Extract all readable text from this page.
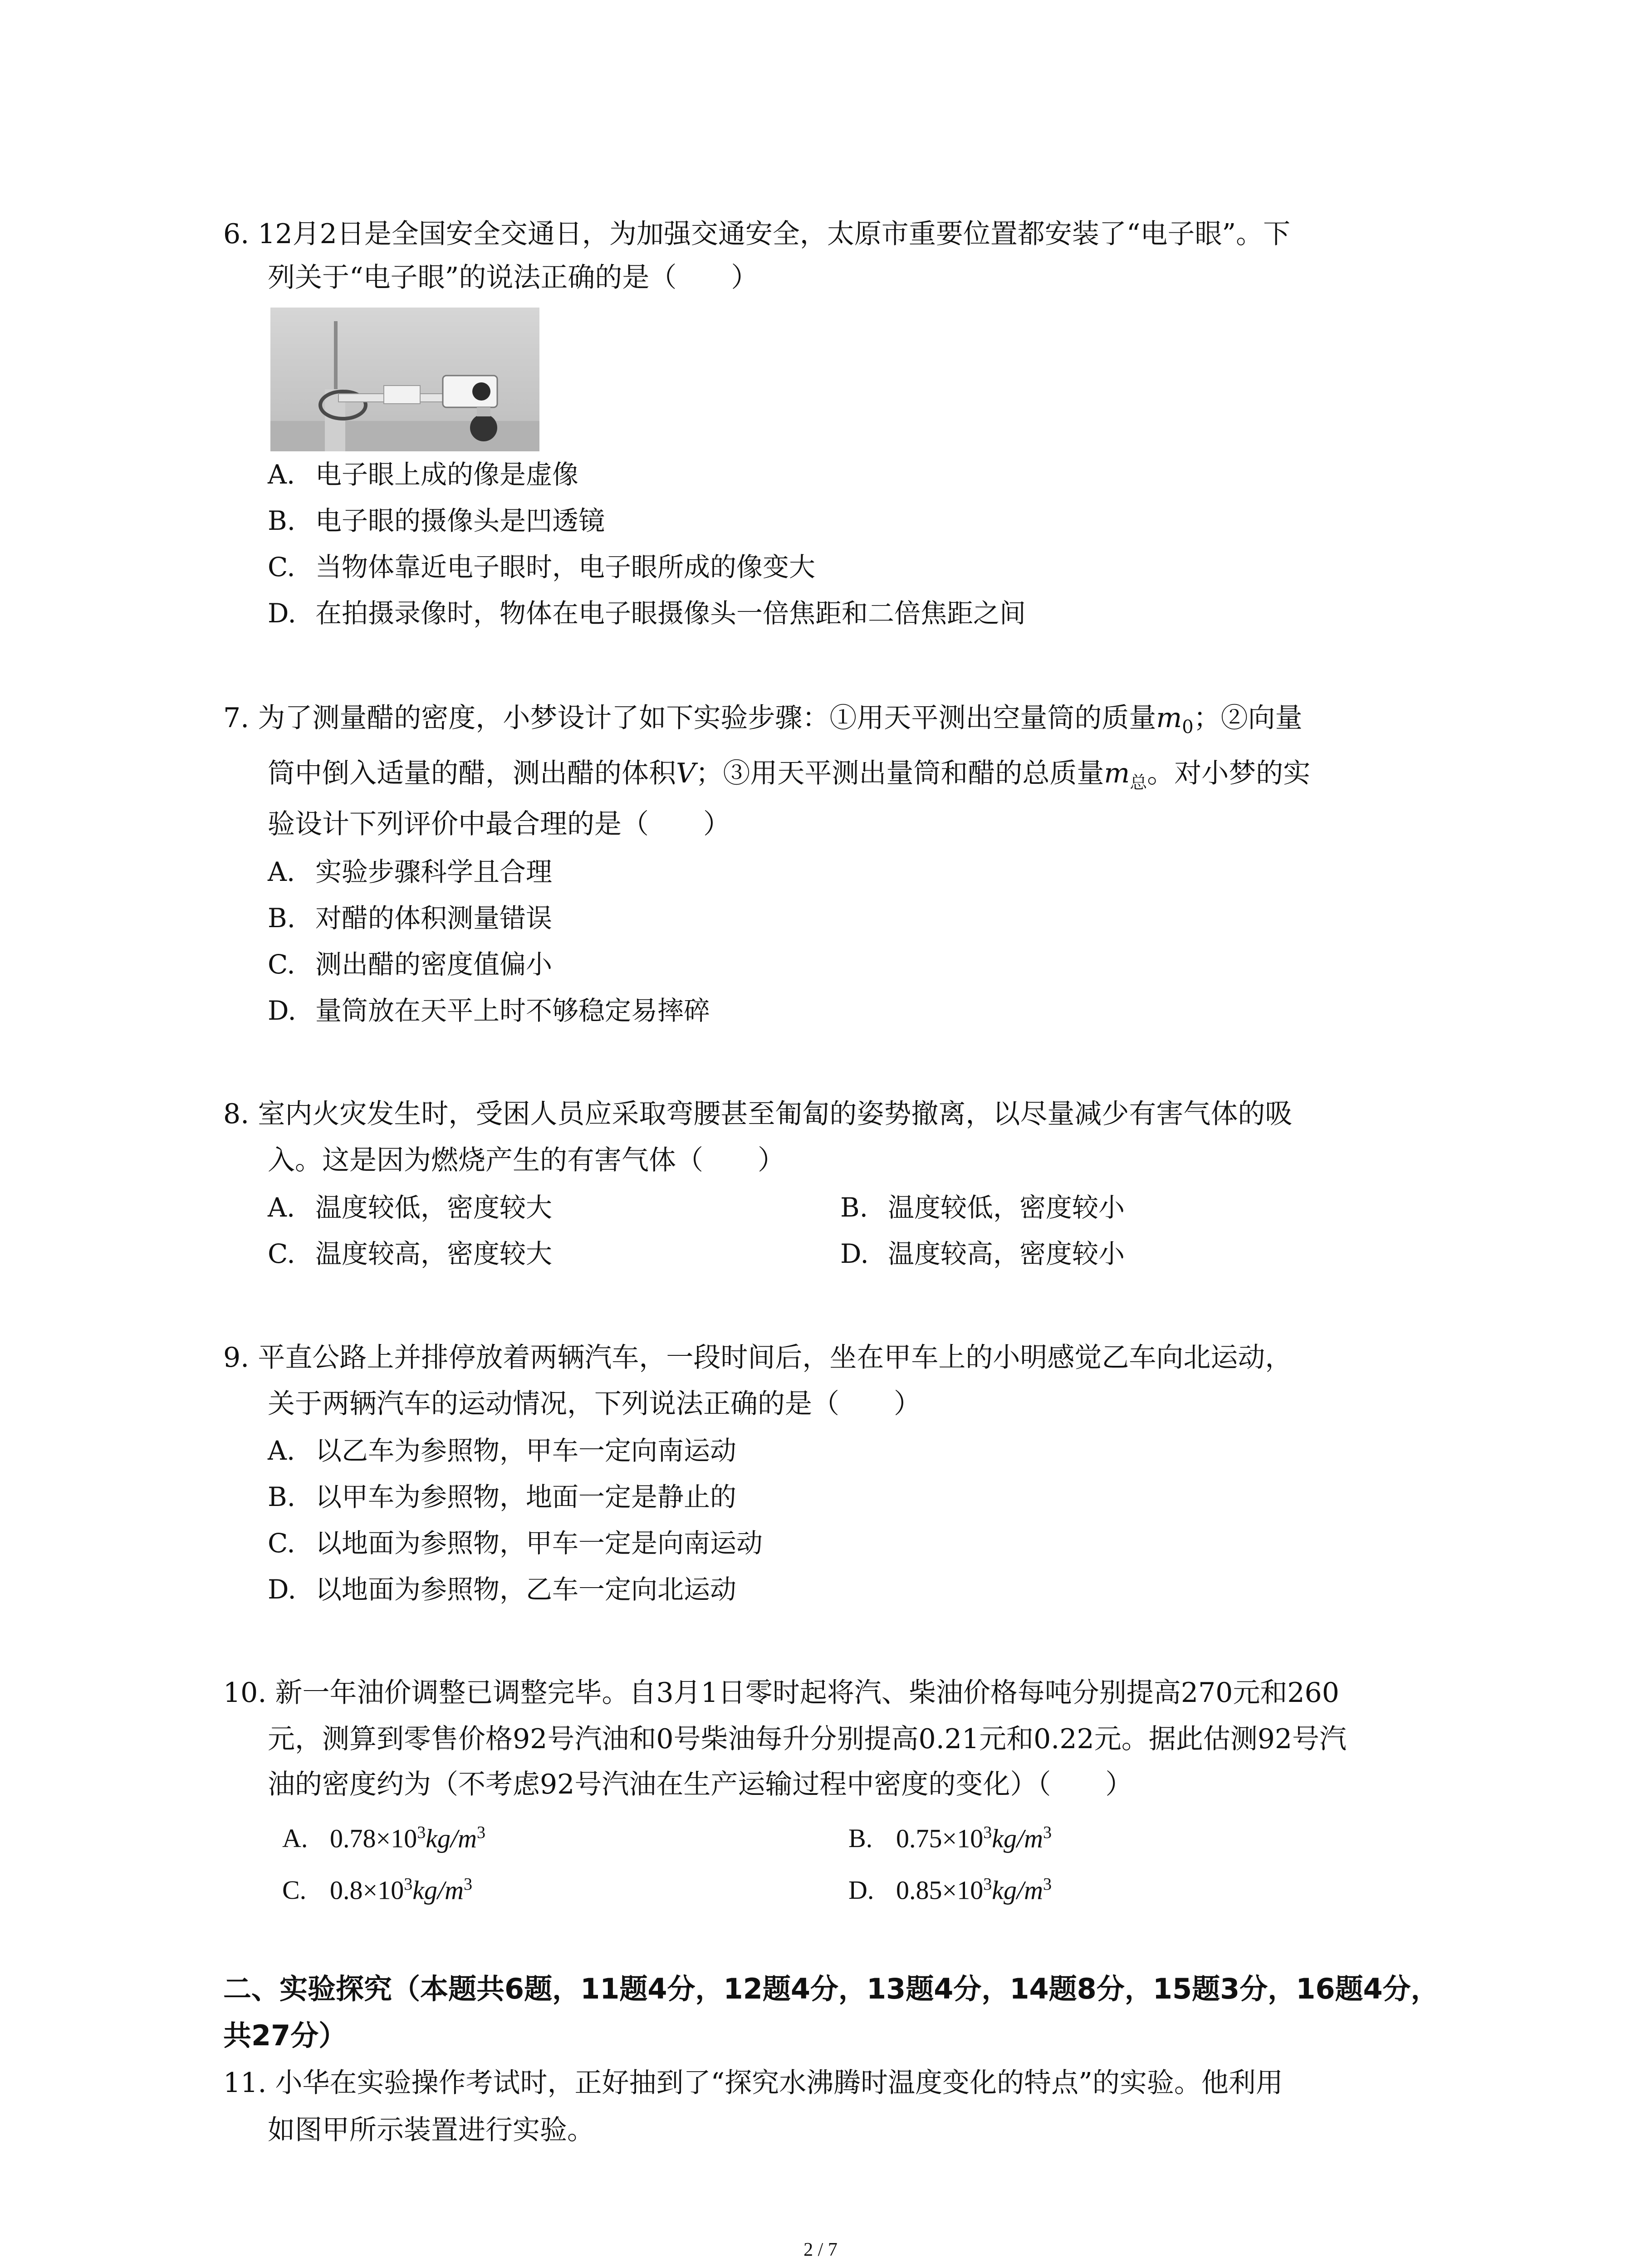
6. 12月2日是全国安全交通日，为加强交通安全，太原市重要位置都安装了“电子眼”。下
列关于“电子眼”的说法正确的是（　　）
A. 电子眼上成的像是虚像
B. 电子眼的摄像头是凹透镜
C. 当物体靠近电子眼时，电子眼所成的像变大
D. 在拍摄录像时，物体在电子眼摄像头一倍焦距和二倍焦距之间
7. 为了测量醋的密度，小梦设计了如下实验步骤：①用天平测出空量筒的质量$m_0$；②向量
筒中倒入适量的醋，测出醋的体积V；③用天平测出量筒和醋的总质量$m_总$。对小梦的实
验设计下列评价中最合理的是（　　）
A. 实验步骤科学且合理
B. 对醋的体积测量错误
C. 测出醋的密度值偏小
D. 量筒放在天平上时不够稳定易摔碎
8. 室内火灾发生时，受困人员应采取弯腰甚至匍匐的姿势撤离，以尽量减少有害气体的吸
入。这是因为燃烧产生的有害气体（　　）
A. 温度较低，密度较大	B. 温度较低，密度较小
C. 温度较高，密度较大	D. 温度较高，密度较小
9. 平直公路上并排停放着两辆汽车，一段时间后，坐在甲车上的小明感觉乙车向北运动，
关于两辆汽车的运动情况，下列说法正确的是（　　）
A. 以乙车为参照物，甲车一定向南运动
B. 以甲车为参照物，地面一定是静止的
C. 以地面为参照物，甲车一定是向南运动
D. 以地面为参照物，乙车一定向北运动
10. 新一年油价调整已调整完毕。自3月1日零时起将汽、柴油价格每吨分别提高270元和260
元，测算到零售价格92号汽油和0号柴油每升分别提高0.21元和0.22元。据此估测92号汽
油的密度约为（不考虑92号汽油在生产运输过程中密度的变化）（　　）
A. $0.78\times 10^3kg/m^3$	B. $0.75\times 10^3kg/m^3$
C. $0.8\times 10^3kg/m^3$	D. $0.85\times 10^3kg/m^3$
二、实验探究（本题共6题，11题4分，12题4分，13题4分，14题8分，15题3分，16题4分，
共27分）
11. 小华在实验操作考试时，正好抽到了“探究水沸腾时温度变化的特点”的实验。他利用
如图甲所示装置进行实验。
2 / 7
